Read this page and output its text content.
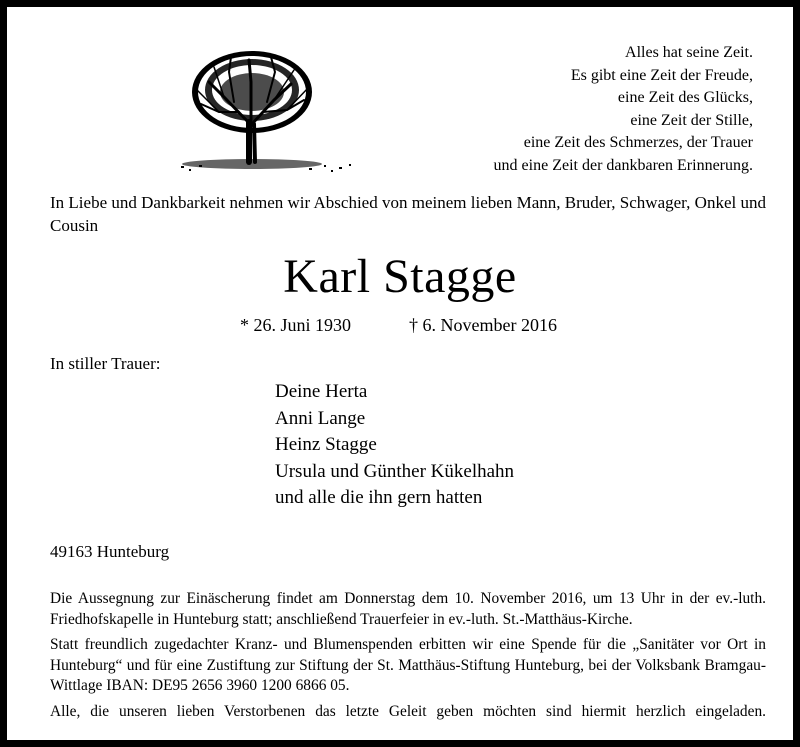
Alles hat seine Zeit.
Es gibt eine Zeit der Freude,
eine Zeit des Glücks,
eine Zeit der Stille,
eine Zeit des Schmerzes, der Trauer
und eine Zeit der dankbaren Erinnerung.
In Liebe und Dankbarkeit nehmen wir Abschied von meinem lieben Mann, Bruder, Schwager, Onkel und Cousin
Karl Stagge
* 26. Juni 1930	† 6. November 2016
In stiller Trauer:
Deine Herta
Anni Lange
Heinz Stagge
Ursula und Günther Kükelhahn
und alle die ihn gern hatten
49163 Hunteburg

Die Aussegnung zur Einäscherung findet am Donnerstag dem 10. November 2016, um 13 Uhr in der ev.-luth. Friedhofskapelle in Hunteburg statt; anschließend Trauerfeier in ev.-luth. St.-Matthäus-Kirche.

Statt freundlich zugedachter Kranz- und Blumenspenden erbitten wir eine Spende für die „Sanitäter vor Ort in Hunteburg“ und für eine Zustiftung zur Stiftung der St. Matthäus-Stiftung Hunteburg, bei der Volksbank Bramgau-Wittlage IBAN: DE95 2656 3960 1200 6866 05.

Alle, die unseren lieben Verstorbenen das letzte Geleit geben möchten sind hiermit herzlich eingeladen.
